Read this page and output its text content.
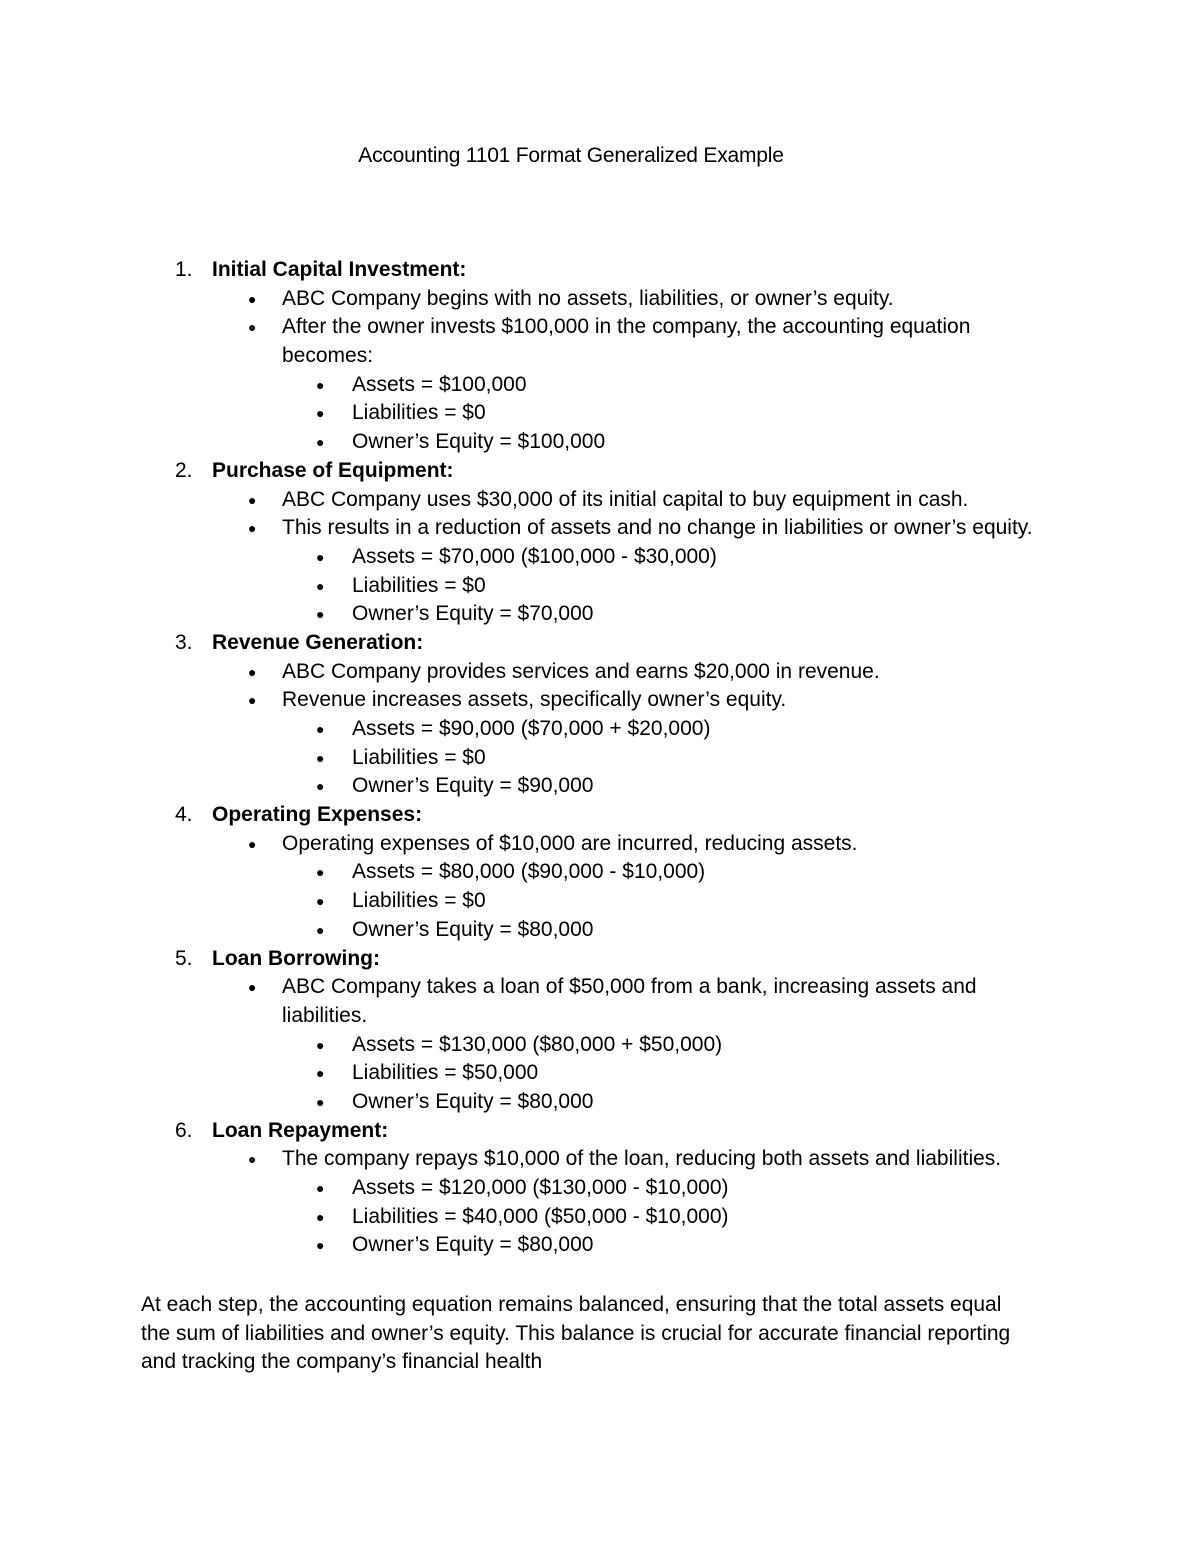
Accounting 1101 Format Generalized Example
1. Initial Capital Investment:
● ABC Company begins with no assets, liabilities, or owner’s equity.
● After the owner invests $100,000 in the company, the accounting equation
becomes:
● Assets = $100,000
● Liabilities = $0
● Owner’s Equity = $100,000
2. Purchase of Equipment:
● ABC Company uses $30,000 of its initial capital to buy equipment in cash.
● This results in a reduction of assets and no change in liabilities or owner’s equity.
● Assets = $70,000 ($100,000 - $30,000)
● Liabilities = $0
● Owner’s Equity = $70,000
3. Revenue Generation:
● ABC Company provides services and earns $20,000 in revenue.
● Revenue increases assets, specifically owner’s equity.
● Assets = $90,000 ($70,000 + $20,000)
● Liabilities = $0
● Owner’s Equity = $90,000
4. Operating Expenses:
● Operating expenses of $10,000 are incurred, reducing assets.
● Assets = $80,000 ($90,000 - $10,000)
● Liabilities = $0
● Owner’s Equity = $80,000
5. Loan Borrowing:
● ABC Company takes a loan of $50,000 from a bank, increasing assets and
liabilities.
● Assets = $130,000 ($80,000 + $50,000)
● Liabilities = $50,000
● Owner’s Equity = $80,000
6. Loan Repayment:
● The company repays $10,000 of the loan, reducing both assets and liabilities.
● Assets = $120,000 ($130,000 - $10,000)
● Liabilities = $40,000 ($50,000 - $10,000)
● Owner’s Equity = $80,000
At each step, the accounting equation remains balanced, ensuring that the total assets equal
the sum of liabilities and owner’s equity. This balance is crucial for accurate financial reporting
and tracking the company’s financial health
